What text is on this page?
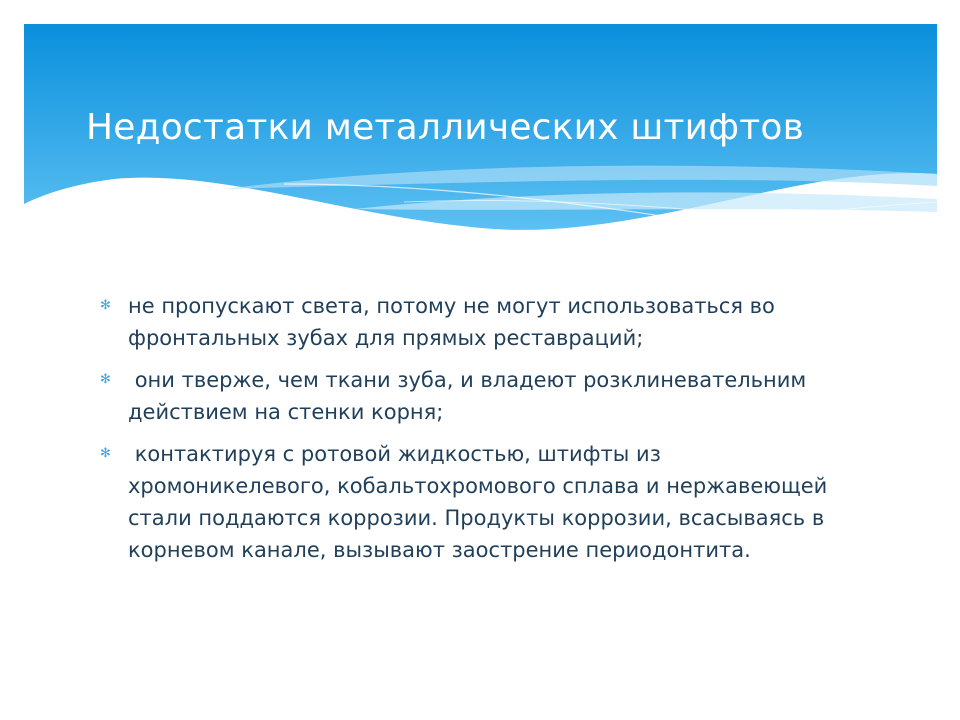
Недостатки металлических штифтов
✻ не пропускают света, потому не могут использоваться во фронтальных зубах для прямых реставраций;
✻ они тверже, чем ткани зуба, и владеют розклиневательним действием на стенки корня;
✻ контактируя с ротовой жидкостью, штифты из хромоникелевого, кобальтохромового сплава и нержавеющей стали поддаются коррозии. Продукты коррозии, всасываясь в корневом канале, вызывают заострение периодонтита.
